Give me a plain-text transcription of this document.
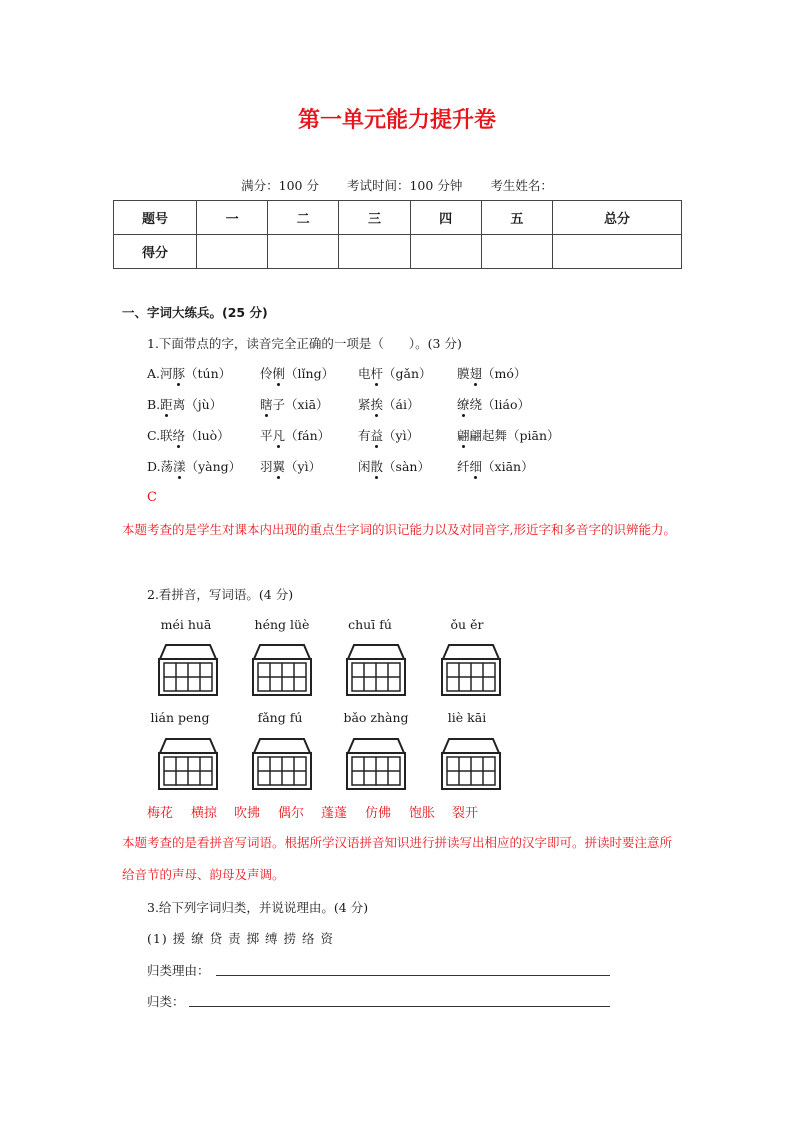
第一单元能力提升卷
满分：100 分 考试时间：100 分钟 考生姓名：
题号	一	二	三	四	五	总分
得分						
一、字词大练兵。(25 分)
1.下面带点的字，读音完全正确的一项是（　　）。(3 分)
A.河豚（tún） 伶俐（lǐng） 电杆（gǎn） 膜翅（mó）
B.距离（jù）	瞎子（xiā） 紧挨（ái）	缭绕（liáo）
C.联络（luò） 平凡（fán） 有益（yì）	翩翩起舞（piān）
D.荡漾（yàng） 羽翼（yì）	闲散（sàn） 纤细（xiān）
C
本题考查的是学生对课本内出现的重点生字词的识记能力以及对同音字,形近字和多音字的识辨能力。
2.看拼音，写词语。(4 分)
méi huā	héng lüè	chuī fú	ǒu ěr
lián peng	fǎng fú	bǎo zhàng	liè kāi
梅花 横掠 吹拂 偶尔 蓬蓬 仿佛 饱胀 裂开
本题考查的是看拼音写词语。根据所学汉语拼音知识进行拼读写出相应的汉字即可。拼读时要注意所给音节的声母、韵母及声调。
3.给下列字词归类，并说说理由。(4 分)
(1) 援 缭 贷 责 掷 缚 捞 络 资
归类理由：
归类：
